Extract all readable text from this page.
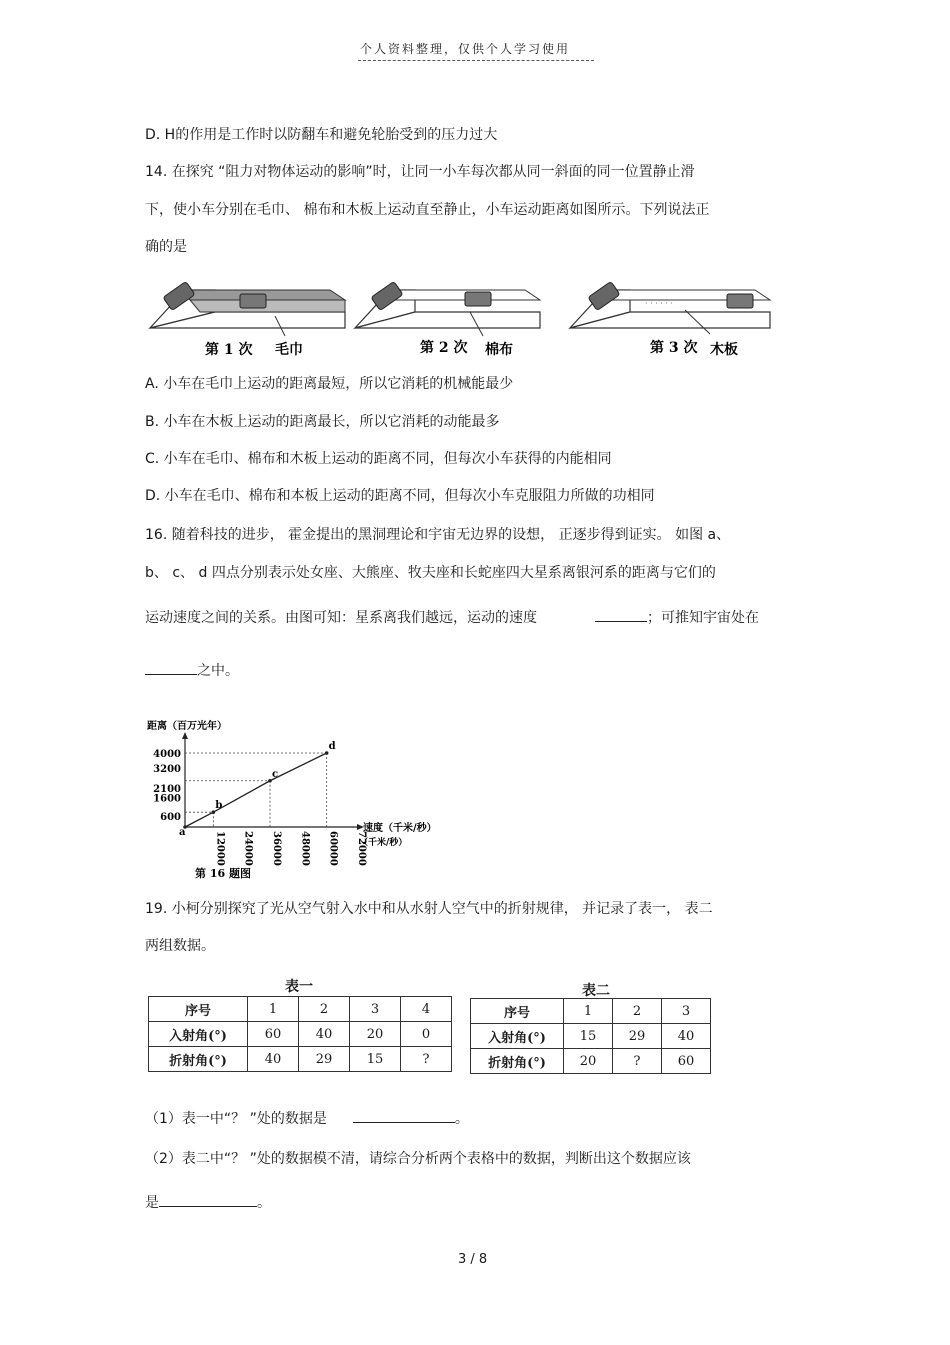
个人资料整理，仅供个人学习使用
D. H的作用是工作时以防翻车和避免轮胎受到的压力过大
14. 在探究 “阻力对物体运动的影响”时，让同一小车每次都从同一斜面的同一位置静止滑
下，使小车分别在毛巾、 棉布和木板上运动直至静止，小车运动距离如图所示。下列说法正
确的是
· · · · · ·
第 1 次 毛巾	第 2 次 棉布	第 3 次 木板
A. 小车在毛巾上运动的距离最短，所以它消耗的机械能最少
B. 小车在木板上运动的距离最长，所以它消耗的动能最多
C. 小车在毛巾、棉布和木板上运动的距离不同，但每次小车获得的内能相同
D. 小车在毛巾、棉布和本板上运动的距离不同，但每次小车克服阻力所做的功相同
16. 随着科技的进步， 霍金提出的黑洞理论和宇宙无边界的设想， 正逐步得到证实。 如图 a、
b、 c、 d 四点分别表示处女座、大熊座、牧夫座和长蛇座四大星系离银河系的距离与它们的
运动速度之间的关系。由图可知：星系离我们越远，运动的速度	；可推知宇宙处在
之中。
距离（百万光年）
600
1600
2100
3200
4000
12000 24000 36000 48000 60000 72000
速度（千米/秒）
（千米/秒）
a
b
c
d
第 16 题图
19. 小柯分别探究了光从空气射入水中和从水射人空气中的折射规律， 并记录了表一， 表二
两组数据。
表一
序号	1	2	3	4
入射角(°)	60	40	20	0
折射角(°)	40	29	15	?
表二
序号	1	2	3
入射角(°)	15	29	40
折射角(°)	20	?	60
（1）表一中“？ ”处的数据是	。
（2）表二中“？ ”处的数据模不清，请综合分析两个表格中的数据，判断出这个数据应该
是	。
3 / 8
